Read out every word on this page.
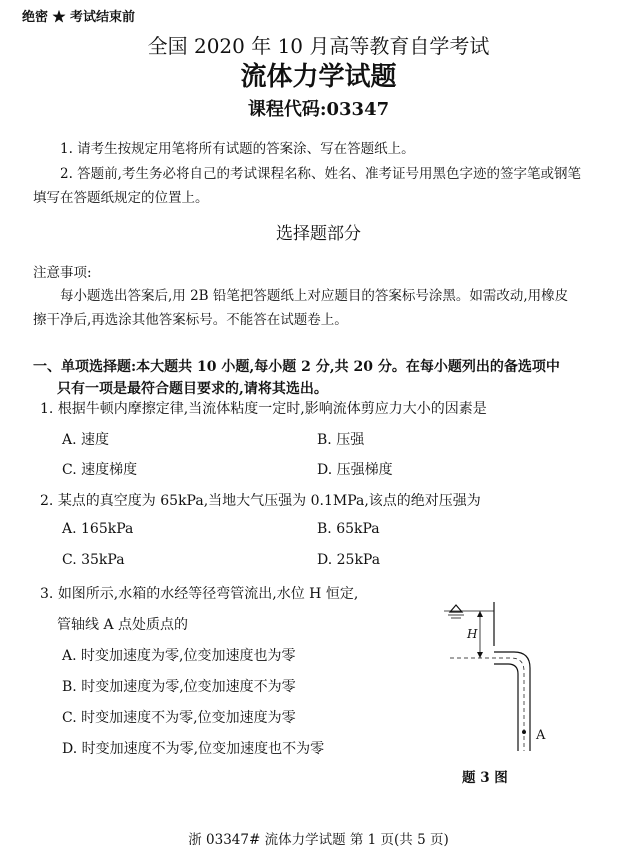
绝密 ★ 考试结束前
全国 2020 年 10 月高等教育自学考试
流体力学试题
课程代码:03347
1. 请考生按规定用笔将所有试题的答案涂、写在答题纸上。
2. 答题前,考生务必将自己的考试课程名称、姓名、准考证号用黑色字迹的签字笔或钢笔
填写在答题纸规定的位置上。
选择题部分
注意事项:
每小题选出答案后,用 2B 铅笔把答题纸上对应题目的答案标号涂黑。如需改动,用橡皮
擦干净后,再选涂其他答案标号。不能答在试题卷上。
一、单项选择题:本大题共 10 小题,每小题 2 分,共 20 分。在每小题列出的备选项中
只有一项是最符合题目要求的,请将其选出。
1. 根据牛顿内摩擦定律,当流体粘度一定时,影响流体剪应力大小的因素是
A. 速度	B. 压强
C. 速度梯度	D. 压强梯度
2. 某点的真空度为 65kPa,当地大气压强为 0.1MPa,该点的绝对压强为
A. 165kPa	B. 65kPa
C. 35kPa	D. 25kPa
3. 如图所示,水箱的水经等径弯管流出,水位 H 恒定,
管轴线 A 点处质点的
A. 时变加速度为零,位变加速度也为零
B. 时变加速度为零,位变加速度不为零
C. 时变加速度不为零,位变加速度为零
D. 时变加速度不为零,位变加速度也不为零
H
A
题 3 图
浙 03347# 流体力学试题 第 1 页(共 5 页)
